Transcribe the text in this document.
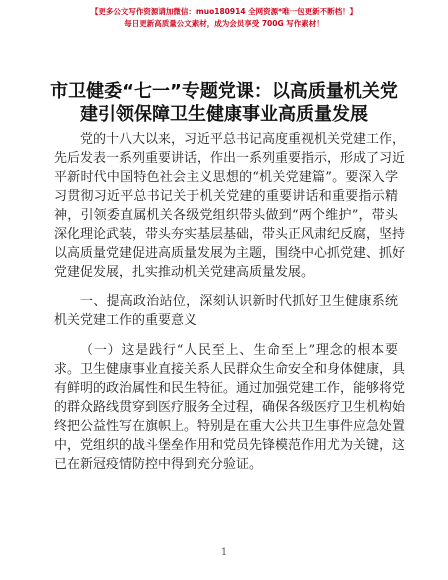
【更多公文写作资源请加微信：muo180914 全网资源*唯一包更新不断档！】
每日更新高质量公文素材，成为会员享受 700G 写作素材！
市卫健委“七一”专题党课：以高质量机关党
建引领保障卫生健康事业高质量发展
党的十八大以来，习近平总书记高度重视机关党建工作，
先后发表一系列重要讲话，作出一系列重要指示，形成了习近
平新时代中国特色社会主义思想的“机关党建篇”。要深入学
习贯彻习近平总书记关于机关党建的重要讲话和重要指示精
神，引领委直属机关各级党组织带头做到“两个维护”，带头
深化理论武装，带头夯实基层基础，带头正风肃纪反腐，坚持
以高质量党建促进高质量发展为主题，围绕中心抓党建、抓好
党建促发展，扎实推动机关党建高质量发展。
一、提高政治站位，深刻认识新时代抓好卫生健康系统
机关党建工作的重要意义
（一）这是践行“人民至上、生命至上”理念的根本要
求。卫生健康事业直接关系人民群众生命安全和身体健康，具
有鲜明的政治属性和民生特征。通过加强党建工作，能够将党
的群众路线贯穿到医疗服务全过程，确保各级医疗卫生机构始
终把公益性写在旗帜上。特别是在重大公共卫生事件应急处置
中，党组织的战斗堡垒作用和党员先锋模范作用尤为关键，这
已在新冠疫情防控中得到充分验证。
1
